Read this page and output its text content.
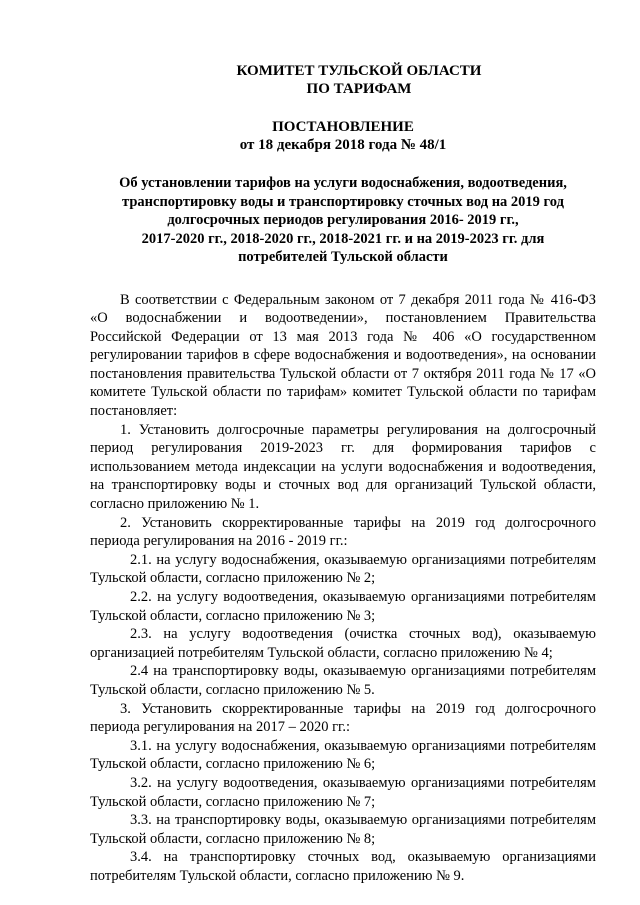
КОМИТЕТ ТУЛЬСКОЙ ОБЛАСТИ
ПО ТАРИФАМ
ПОСТАНОВЛЕНИЕ
от 18 декабря 2018 года № 48/1
Об установлении тарифов на услуги водоснабжения, водоотведения,
транспортировку воды и транспортировку сточных вод на 2019 год
долгосрочных периодов регулирования 2016- 2019 гг.,
2017-2020 гг., 2018-2020 гг., 2018-2021 гг. и на 2019-2023 гг. для
потребителей Тульской области

В соответствии с Федеральным законом от 7 декабря 2011 года № 416-ФЗ «О водоснабжении и водоотведении», постановлением Правительства Российской Федерации от 13 мая 2013 года № 406 «О государственном регулировании тарифов в сфере водоснабжения и водоотведения», на основании постановления правительства Тульской области от 7 октября 2011 года № 17 «О комитете Тульской области по тарифам» комитет Тульской области по тарифам постановляет:

1. Установить долгосрочные параметры регулирования на долгосрочный период регулирования 2019-2023 гг. для формирования тарифов с использованием метода индексации на услуги водоснабжения и водоотведения, на транспортировку воды и сточных вод для организаций Тульской области, согласно приложению № 1.

2. Установить скорректированные тарифы на 2019 год долгосрочного периода регулирования на 2016 - 2019 гг.:

2.1. на услугу водоснабжения, оказываемую организациями потребителям Тульской области, согласно приложению № 2;

2.2. на услугу водоотведения, оказываемую организациями потребителям Тульской области, согласно приложению № 3;

2.3. на услугу водоотведения (очистка сточных вод), оказываемую организацией потребителям Тульской области, согласно приложению № 4;

2.4 на транспортировку воды, оказываемую организациями потребителям Тульской области, согласно приложению № 5.

3. Установить скорректированные тарифы на 2019 год долгосрочного периода регулирования на 2017 – 2020 гг.:

3.1. на услугу водоснабжения, оказываемую организациями потребителям Тульской области, согласно приложению № 6;

3.2. на услугу водоотведения, оказываемую организациями потребителям Тульской области, согласно приложению № 7;

3.3. на транспортировку воды, оказываемую организациями потребителям Тульской области, согласно приложению № 8;

3.4. на транспортировку сточных вод, оказываемую организациями потребителям Тульской области, согласно приложению № 9.
